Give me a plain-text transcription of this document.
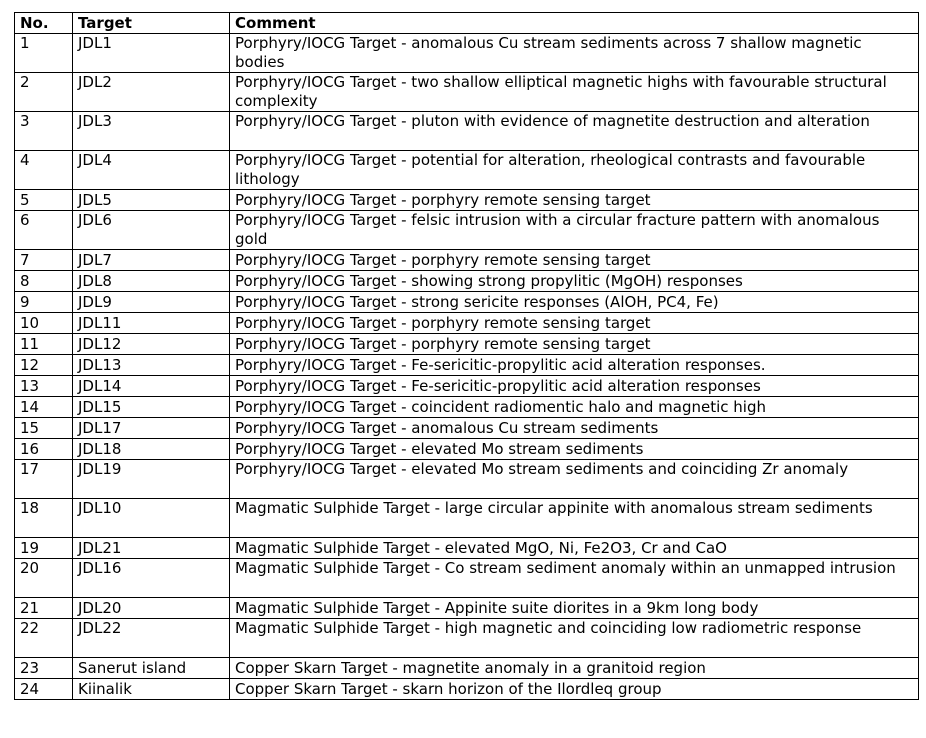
No.	Target	Comment
1	JDL1	Porphyry/IOCG Target - anomalous Cu stream sediments across 7 shallow magnetic bodies
2	JDL2	Porphyry/IOCG Target - two shallow elliptical magnetic highs with favourable structural complexity
3	JDL3	Porphyry/IOCG Target - pluton with evidence of magnetite destruction and alteration
4	JDL4	Porphyry/IOCG Target - potential for alteration, rheological contrasts and favourable lithology
5	JDL5	Porphyry/IOCG Target - porphyry remote sensing target
6	JDL6	Porphyry/IOCG Target - felsic intrusion with a circular fracture pattern with anomalous gold
7	JDL7	Porphyry/IOCG Target - porphyry remote sensing target
8	JDL8	Porphyry/IOCG Target - showing strong propylitic (MgOH) responses
9	JDL9	Porphyry/IOCG Target - strong sericite responses (AlOH, PC4, Fe)
10	JDL11	Porphyry/IOCG Target - porphyry remote sensing target
11	JDL12	Porphyry/IOCG Target - porphyry remote sensing target
12	JDL13	Porphyry/IOCG Target - Fe-sericitic-propylitic acid alteration responses.
13	JDL14	Porphyry/IOCG Target - Fe-sericitic-propylitic acid alteration responses
14	JDL15	Porphyry/IOCG Target - coincident radiomentic halo and magnetic high
15	JDL17	Porphyry/IOCG Target - anomalous Cu stream sediments
16	JDL18	Porphyry/IOCG Target - elevated Mo stream sediments
17	JDL19	Porphyry/IOCG Target - elevated Mo stream sediments and coinciding Zr anomaly
18	JDL10	Magmatic Sulphide Target - large circular appinite with anomalous stream sediments
19	JDL21	Magmatic Sulphide Target - elevated MgO, Ni, Fe2O3, Cr and CaO
20	JDL16	Magmatic Sulphide Target - Co stream sediment anomaly within an unmapped intrusion
21	JDL20	Magmatic Sulphide Target - Appinite suite diorites in a 9km long body
22	JDL22	Magmatic Sulphide Target - high magnetic and coinciding low radiometric response
23	Sanerut island	Copper Skarn Target - magnetite anomaly in a granitoid region
24	Kiinalik	Copper Skarn Target - skarn horizon of the Ilordleq group
